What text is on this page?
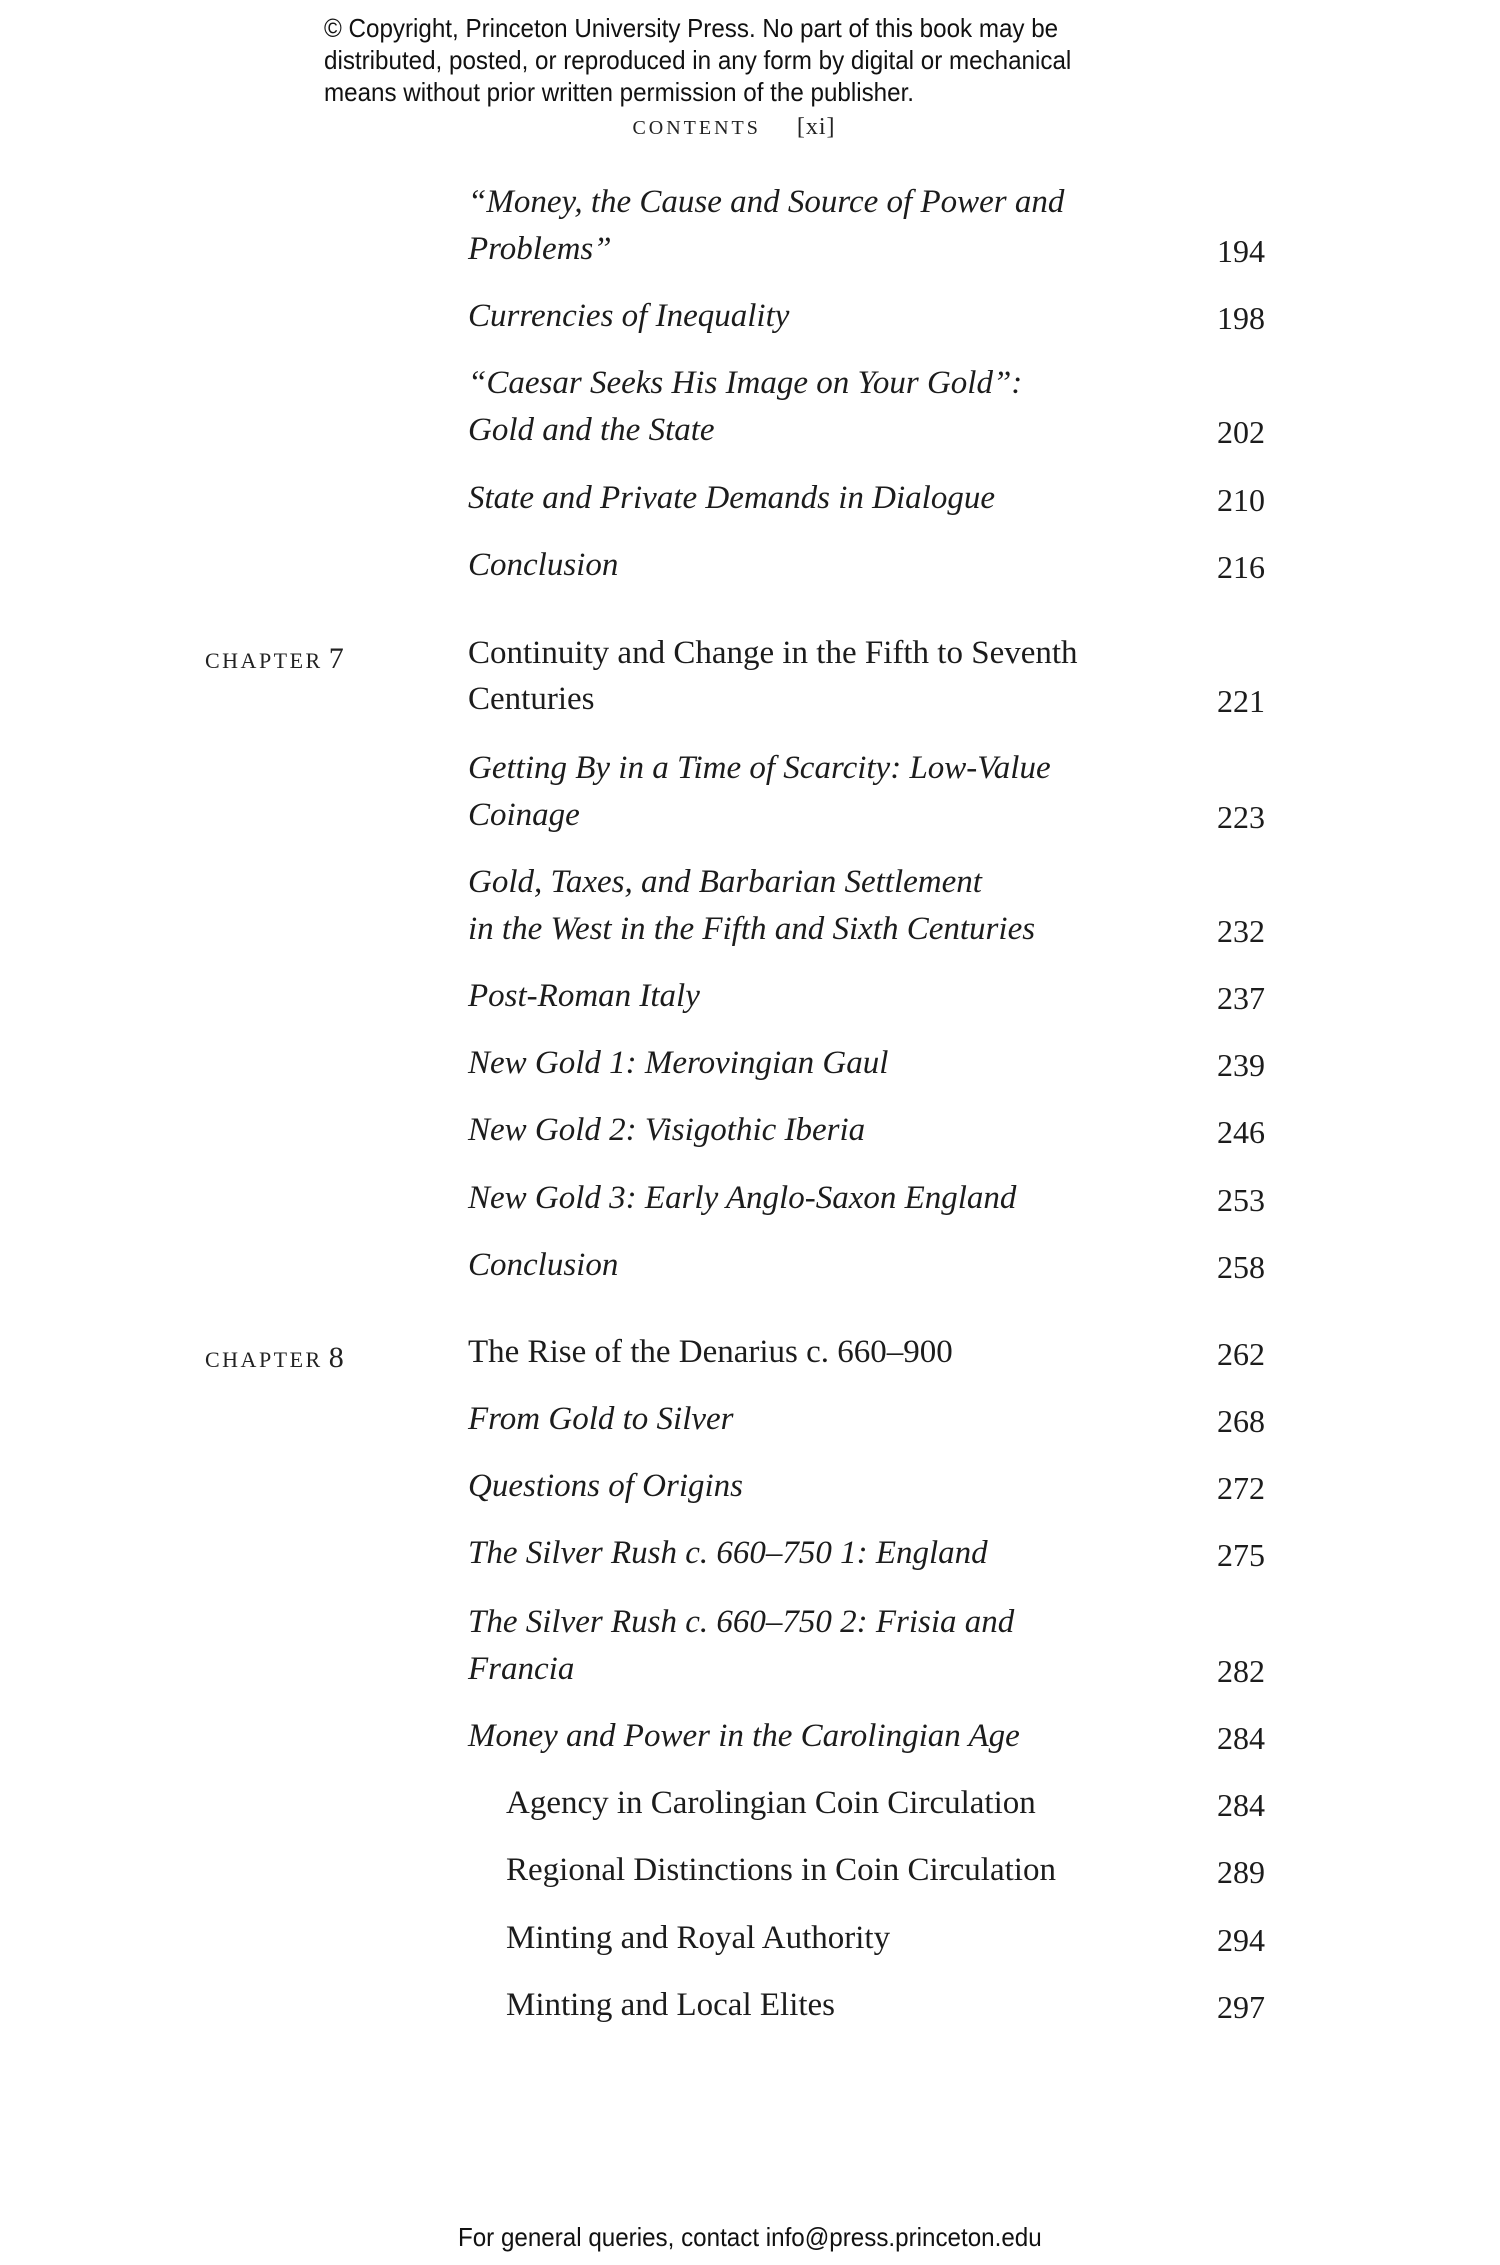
© Copyright, Princeton University Press. No part of this book may be
distributed, posted, or reproduced in any form by digital or mechanical
means without prior written permission of the publisher.
CONTENTS [xi]
“Money, the Cause and Source of Power and
Problems”	194
Currencies of Inequality	198
“Caesar Seeks His Image on Your Gold”:
Gold and the State	202
State and Private Demands in Dialogue	210
Conclusion	216
CHAPTER 7	Continuity and Change in the Fifth to Seventh
Centuries	221
Getting By in a Time of Scarcity: Low-Value
Coinage	223
Gold, Taxes, and Barbarian Settlement
in the West in the Fifth and Sixth Centuries	232
Post-Roman Italy	237
New Gold 1: Merovingian Gaul	239
New Gold 2: Visigothic Iberia	246
New Gold 3: Early Anglo-Saxon England	253
Conclusion	258
CHAPTER 8	The Rise of the Denarius c. 660–900	262
From Gold to Silver	268
Questions of Origins	272
The Silver Rush c. 660–750 1: England	275
The Silver Rush c. 660–750 2: Frisia and
Francia	282
Money and Power in the Carolingian Age	284
Agency in Carolingian Coin Circulation	284
Regional Distinctions in Coin Circulation	289
Minting and Royal Authority	294
Minting and Local Elites	297
For general queries, contact info@press.princeton.edu
